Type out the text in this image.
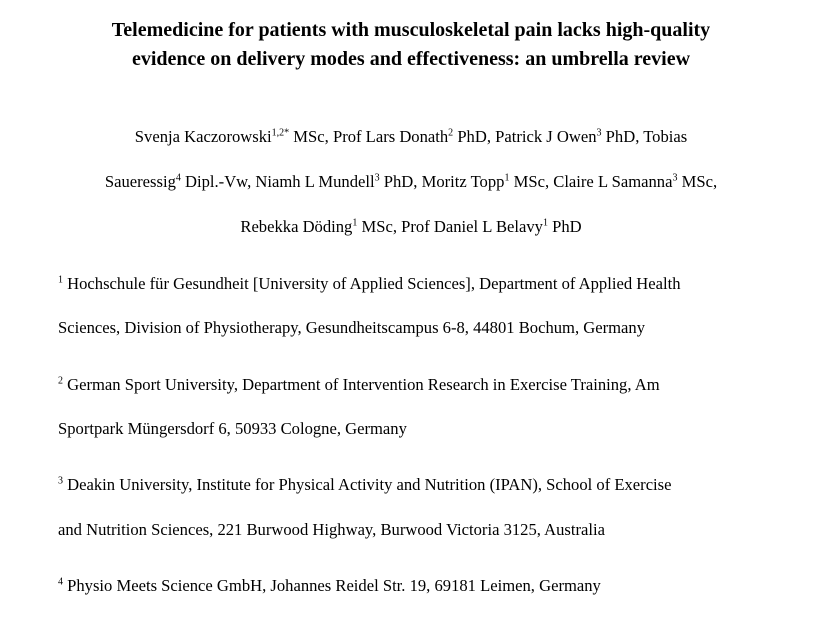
Telemedicine for patients with musculoskeletal pain lacks high-quality
evidence on delivery modes and effectiveness: an umbrella review
Svenja Kaczorowski$^{1,2*}$ MSc, Prof Lars Donath$^2$ PhD, Patrick J Owen$^3$ PhD, Tobias
Saueressig$^4$ Dipl.-Vw, Niamh L Mundell$^3$ PhD, Moritz Topp$^1$ MSc, Claire L Samanna$^3$ MSc,
Rebekka Döding$^1$ MSc, Prof Daniel L Belavy$^1$ PhD
$^1$ Hochschule für Gesundheit [University of Applied Sciences], Department of Applied Health
Sciences, Division of Physiotherapy, Gesundheitscampus 6-8, 44801 Bochum, Germany
$^2$ German Sport University, Department of Intervention Research in Exercise Training, Am
Sportpark Müngersdorf 6, 50933 Cologne, Germany
$^3$ Deakin University, Institute for Physical Activity and Nutrition (IPAN), School of Exercise
and Nutrition Sciences, 221 Burwood Highway, Burwood Victoria 3125, Australia
$^4$ Physio Meets Science GmbH, Johannes Reidel Str. 19, 69181 Leimen, Germany
